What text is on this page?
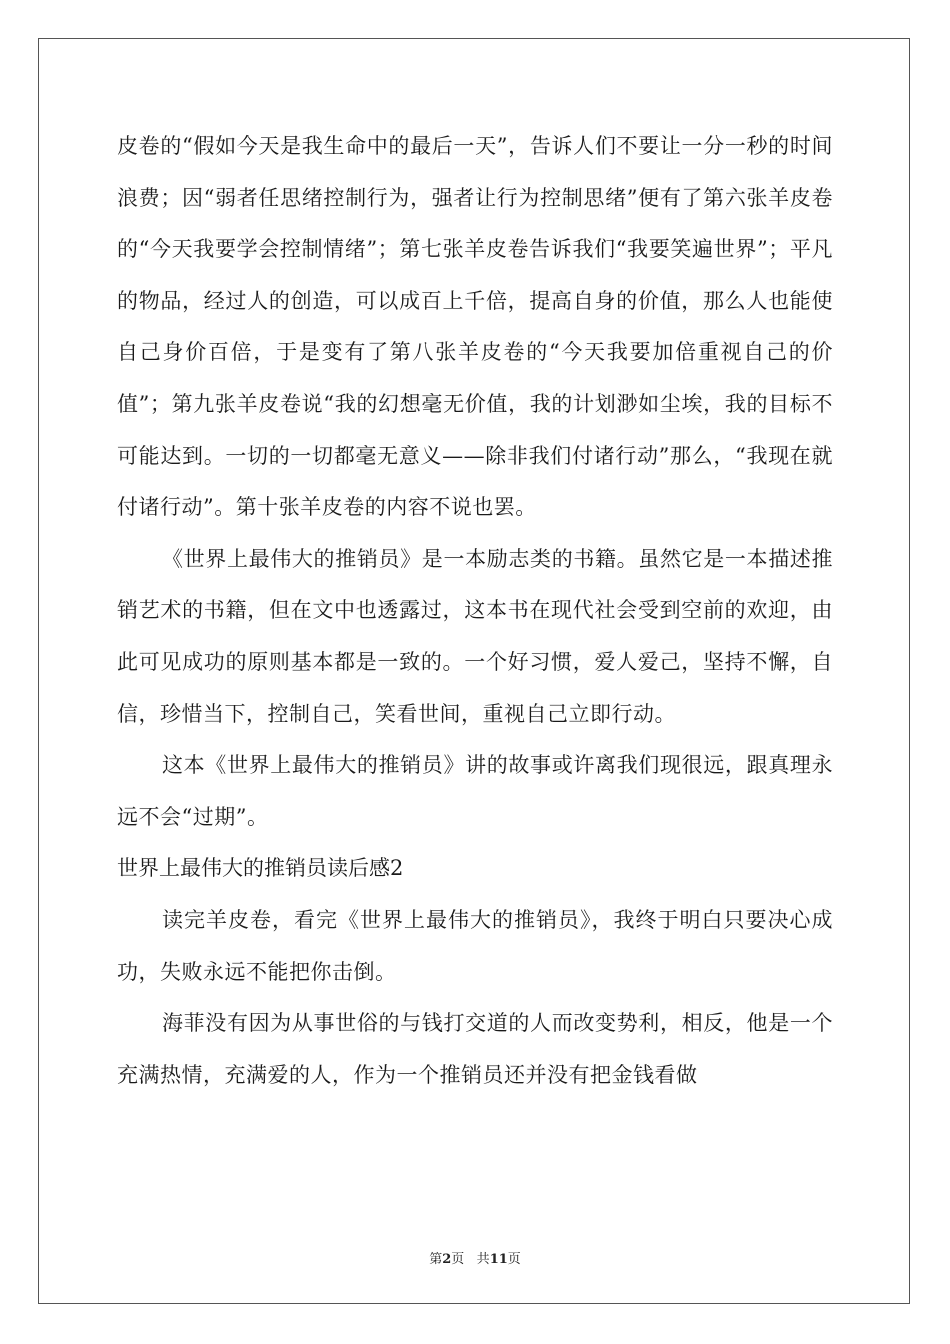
皮卷的“假如今天是我生命中的最后一天”，告诉人们不要让一分一秒的时间浪费；因“弱者任思绪控制行为，强者让行为控制思绪”便有了第六张羊皮卷的“今天我要学会控制情绪”；第七张羊皮卷告诉我们“我要笑遍世界”；平凡的物品，经过人的创造，可以成百上千倍，提高自身的价值，那么人也能使自己身价百倍，于是变有了第八张羊皮卷的“今天我要加倍重视自己的价值”；第九张羊皮卷说“我的幻想毫无价值，我的计划渺如尘埃，我的目标不可能达到。一切的一切都毫无意义——除非我们付诸行动”那么，“我现在就付诸行动”。第十张羊皮卷的内容不说也罢。

《世界上最伟大的推销员》是一本励志类的书籍。虽然它是一本描述推销艺术的书籍，但在文中也透露过，这本书在现代社会受到空前的欢迎，由此可见成功的原则基本都是一致的。一个好习惯，爱人爱己，坚持不懈，自信，珍惜当下，控制自己，笑看世间，重视自己立即行动。

这本《世界上最伟大的推销员》讲的故事或许离我们现很远，跟真理永远不会“过期”。

世界上最伟大的推销员读后感2

读完羊皮卷，看完《世界上最伟大的推销员》，我终于明白只要决心成功，失败永远不能把你击倒。

海菲没有因为从事世俗的与钱打交道的人而改变势利，相反，他是一个充满热情，充满爱的人，作为一个推销员还并没有把金钱看做

第2页 共11页
